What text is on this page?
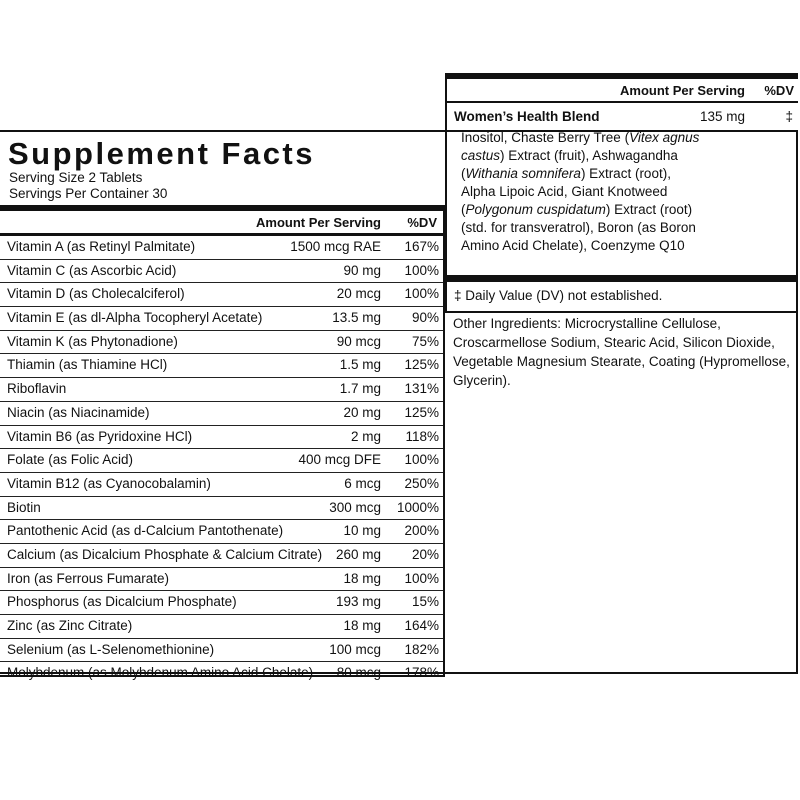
Supplement Facts
Serving Size 2 Tablets
Servings Per Container 30
Amount Per Serving %DV
Vitamin A (as Retinyl Palmitate)	1500 mcg RAE 167%
Vitamin C (as Ascorbic Acid)	90 mg 100%
Vitamin D (as Cholecalciferol)	20 mcg 100%
Vitamin E (as dl-Alpha Tocopheryl Acetate)	13.5 mg 90%
Vitamin K (as Phytonadione)	90 mcg 75%
Thiamin (as Thiamine HCl)	1.5 mg 125%
Riboflavin	1.7 mg 131%
Niacin (as Niacinamide)	20 mg 125%
Vitamin B6 (as Pyridoxine HCl)	2 mg 118%
Folate (as Folic Acid)	400 mcg DFE 100%
Vitamin B12 (as Cyanocobalamin)	6 mcg 250%
Biotin	300 mcg 1000%
Pantothenic Acid (as d-Calcium Pantothenate)	10 mg 200%
Calcium (as Dicalcium Phosphate & Calcium Citrate) 260 mg 20%
Iron (as Ferrous Fumarate)	18 mg 100%
Phosphorus (as Dicalcium Phosphate)	193 mg 15%
Zinc (as Zinc Citrate)	18 mg 164%
Selenium (as L-Selenomethionine)	100 mcg 182%
Molybdenum (as Molybdenum Amino Acid Chelate) 80 mcg 178%
Amount Per Serving %DV
Women’s Health Blend	135 mg	‡
Inositol, Chaste Berry Tree (Vitex agnus castus) Extract (fruit), Ashwagandha (Withania somnifera) Extract (root), Alpha Lipoic Acid, Giant Knotweed (Polygonum cuspidatum) Extract (root) (std. for transveratrol), Boron (as Boron Amino Acid Chelate), Coenzyme Q10
‡ Daily Value (DV) not established.
Other Ingredients: Microcrystalline Cellulose, Croscarmellose Sodium, Stearic Acid, Silicon Dioxide, Vegetable Magnesium Stearate, Coating (Hypromellose, Glycerin).
